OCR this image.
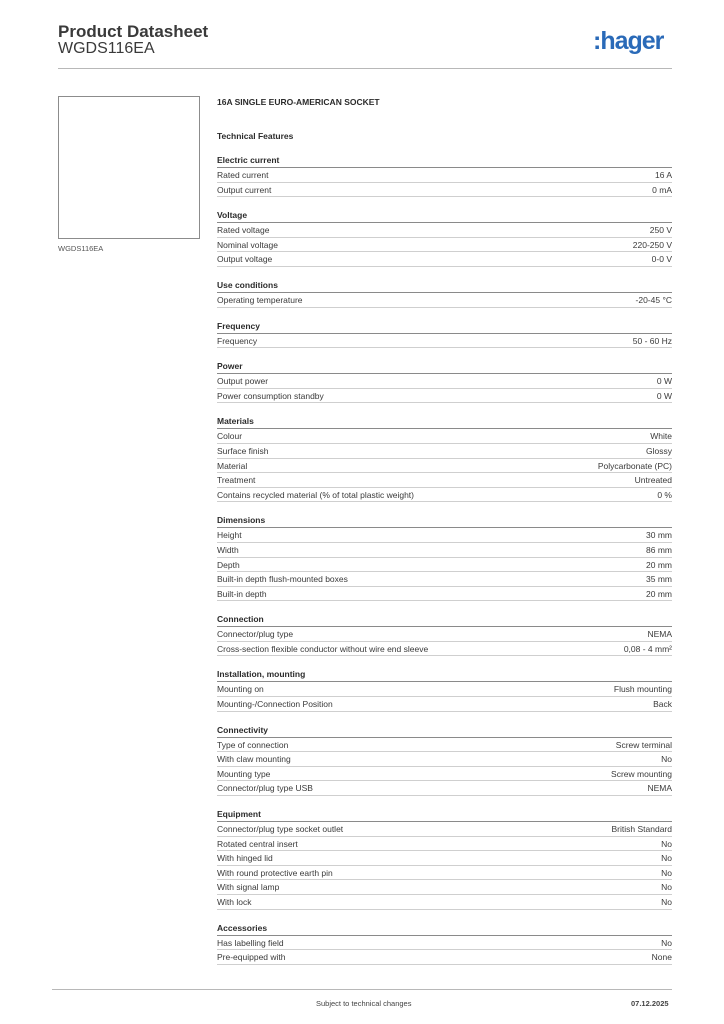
Product Datasheet
WGDS116EA	:hager
WGDS116EA
16A SINGLE EURO-AMERICAN SOCKET
Technical Features
Electric current
Rated current	16 A
Output current	0 mA
Voltage
Rated voltage	250 V
Nominal voltage	220-250 V
Output voltage	0-0 V
Use conditions
Operating temperature	-20-45 °C
Frequency
Frequency	50 - 60 Hz
Power
Output power	0 W
Power consumption standby	0 W
Materials
Colour	White
Surface finish	Glossy
Material	Polycarbonate (PC)
Treatment	Untreated
Contains recycled material (% of total plastic weight)	0 %
Dimensions
Height	30 mm
Width	86 mm
Depth	20 mm
Built-in depth flush-mounted boxes	35 mm
Built-in depth	20 mm
Connection
Connector/plug type	NEMA
Cross-section flexible conductor without wire end sleeve	0,08 - 4 mm²
Installation, mounting
Mounting on	Flush mounting
Mounting-/Connection Position	Back
Connectivity
Type of connection	Screw terminal
With claw mounting	No
Mounting type	Screw mounting
Connector/plug type USB	NEMA
Equipment
Connector/plug type socket outlet	British Standard
Rotated central insert	No
With hinged lid	No
With round protective earth pin	No
With signal lamp	No
With lock	No
Accessories
Has labelling field	No
Pre-equipped with	None
Subject to technical changes	07.12.2025
